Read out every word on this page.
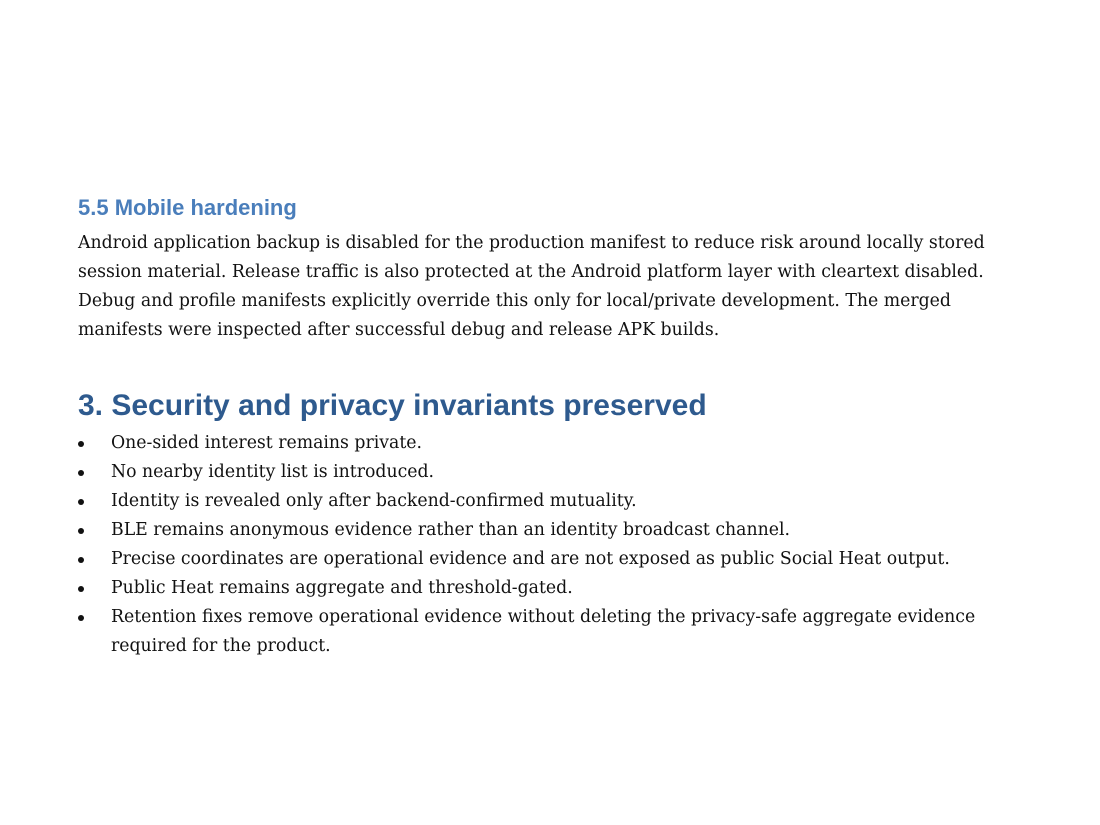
5.5 Mobile hardening

Android application backup is disabled for the production manifest to reduce risk around locally stored session material. Release traffic is also protected at the Android platform layer with cleartext disabled. Debug and profile manifests explicitly override this only for local/private development. The merged manifests were inspected after successful debug and release APK builds.

3. Security and privacy invariants preserved
One-sided interest remains private.
No nearby identity list is introduced.
Identity is revealed only after backend-confirmed mutuality.
BLE remains anonymous evidence rather than an identity broadcast channel.
Precise coordinates are operational evidence and are not exposed as public Social Heat output.
Public Heat remains aggregate and threshold-gated.
Retention fixes remove operational evidence without deleting the privacy-safe aggregate evidence required for the product.
